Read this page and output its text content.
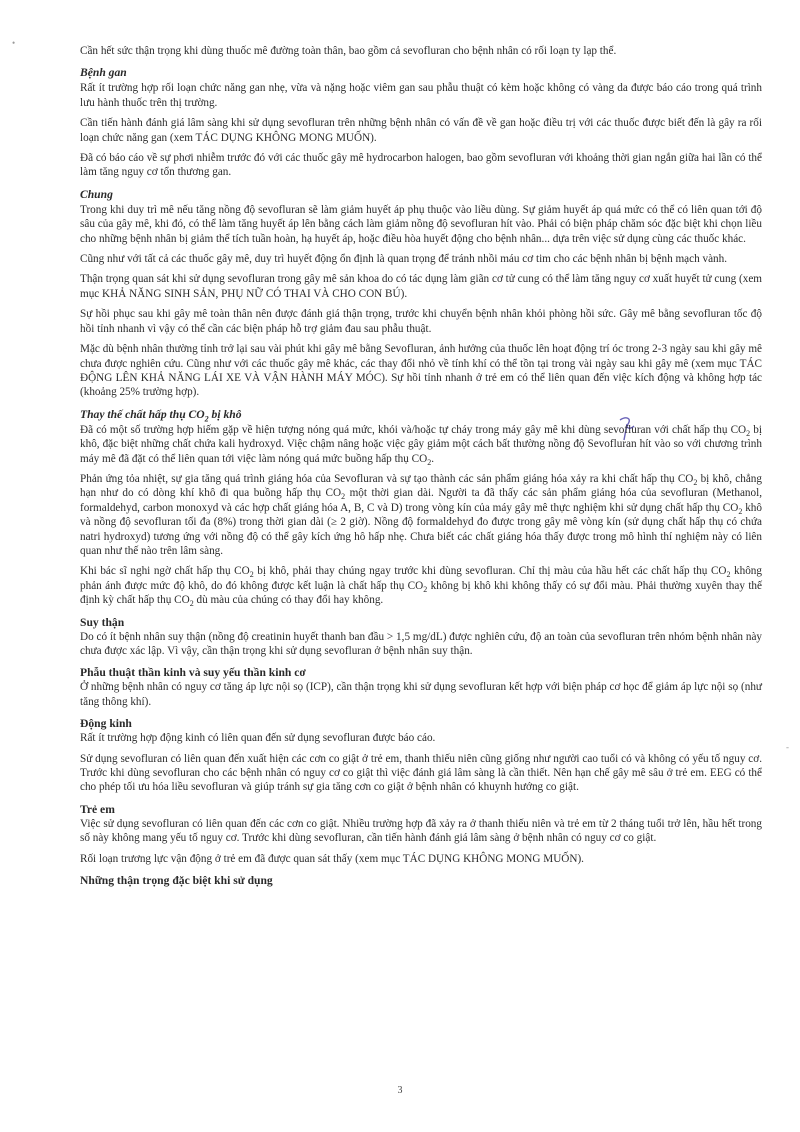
•
‐

Cần hết sức thận trọng khi dùng thuốc mê đường toàn thân, bao gồm cả sevofluran cho bệnh nhân có rối loạn ty lạp thể.

Bệnh gan

Rất ít trường hợp rối loạn chức năng gan nhẹ, vừa và nặng hoặc viêm gan sau phẫu thuật có kèm hoặc không có vàng da được báo cáo trong quá trình lưu hành thuốc trên thị trường.

Cần tiến hành đánh giá lâm sàng khi sử dụng sevofluran trên những bệnh nhân có vấn đề về gan hoặc điều trị với các thuốc được biết đến là gây ra rối loạn chức năng gan (xem TÁC DỤNG KHÔNG MONG MUỐN).

Đã có báo cáo về sự phơi nhiễm trước đó với các thuốc gây mê hydrocarbon halogen, bao gồm sevofluran với khoảng thời gian ngắn giữa hai lần có thể làm tăng nguy cơ tổn thương gan.

Chung

Trong khi duy trì mê nếu tăng nồng độ sevofluran sẽ làm giảm huyết áp phụ thuộc vào liều dùng. Sự giảm huyết áp quá mức có thể có liên quan tới độ sâu của gây mê, khi đó, có thể làm tăng huyết áp lên bằng cách làm giảm nồng độ sevofluran hít vào. Phải có biện pháp chăm sóc đặc biệt khi chọn liều cho những bệnh nhân bị giảm thể tích tuần hoàn, hạ huyết áp, hoặc điều hòa huyết động cho bệnh nhân... dựa trên việc sử dụng cùng các thuốc khác.

Cũng như với tất cả các thuốc gây mê, duy trì huyết động ổn định là quan trọng để tránh nhồi máu cơ tim cho các bệnh nhân bị bệnh mạch vành.

Thận trọng quan sát khi sử dụng sevofluran trong gây mê sản khoa do có tác dụng làm giãn cơ tử cung có thể làm tăng nguy cơ xuất huyết tử cung (xem mục KHẢ NĂNG SINH SẢN, PHỤ NỮ CÓ THAI VÀ CHO CON BÚ).

Sự hồi phục sau khi gây mê toàn thân nên được đánh giá thận trọng, trước khi chuyển bệnh nhân khỏi phòng hồi sức. Gây mê bằng sevofluran tốc độ hồi tỉnh nhanh vì vậy có thể cần các biện pháp hỗ trợ giảm đau sau phẫu thuật.

Mặc dù bệnh nhân thường tỉnh trở lại sau vài phút khi gây mê bằng Sevofluran, ảnh hưởng của thuốc lên hoạt động trí óc trong 2-3 ngày sau khi gây mê chưa được nghiên cứu. Cũng như với các thuốc gây mê khác, các thay đổi nhỏ về tính khí có thể tồn tại trong vài ngày sau khi gây mê (xem mục TÁC ĐỘNG LÊN KHẢ NĂNG LÁI XE VÀ VẬN HÀNH MÁY MÓC). Sự hồi tỉnh nhanh ở trẻ em có thể liên quan đến việc kích động và không hợp tác (khoảng 25% trường hợp).

Thay thế chất hấp thụ $CO_2$ bị khô

Đã có một số trường hợp hiếm gặp về hiện tượng nóng quá mức, khói và/hoặc tự cháy trong máy gây mê khi dùng sevofluran với chất hấp thụ $CO_2$ bị khô, đặc biệt những chất chứa kali hydroxyd. Việc chậm nâng hoặc việc gây giảm một cách bất thường nồng độ Sevofluran hít vào so với chương trình máy mê đã đặt có thể liên quan tới việc làm nóng quá mức buồng hấp thụ $CO_2$.

Phản ứng tỏa nhiệt, sự gia tăng quá trình giáng hóa của Sevofluran và sự tạo thành các sản phẩm giáng hóa xảy ra khi chất hấp thụ $CO_2$ bị khô, chẳng hạn như do có dòng khí khô đi qua buồng hấp thụ $CO_2$ một thời gian dài. Người ta đã thấy các sản phẩm giáng hóa của sevofluran (Methanol, formaldehyd, carbon monoxyd và các hợp chất giáng hóa A, B, C và D) trong vòng kín của máy gây mê thực nghiệm khi sử dụng chất hấp thụ $CO_2$ khô và nồng độ sevofluran tối đa (8%) trong thời gian dài (≥ 2 giờ). Nồng độ formaldehyd đo được trong gây mê vòng kín (sử dụng chất hấp thụ có chứa natri hydroxyd) tương ứng với nồng độ có thể gây kích ứng hô hấp nhẹ. Chưa biết các chất giáng hóa thấy được trong mô hình thí nghiệm này có liên quan như thế nào trên lâm sàng.

Khi bác sĩ nghi ngờ chất hấp thụ $CO_2$ bị khô, phải thay chúng ngay trước khi dùng sevofluran. Chỉ thị màu của hầu hết các chất hấp thụ $CO_2$ không phản ánh được mức độ khô, do đó không được kết luận là chất hấp thụ $CO_2$ không bị khô khi không thấy có sự đổi màu. Phải thường xuyên thay thế định kỳ chất hấp thụ $CO_2$ dù màu của chúng có thay đổi hay không.

Suy thận

Do có ít bệnh nhân suy thận (nồng độ creatinin huyết thanh ban đầu > 1,5 mg/dL) được nghiên cứu, độ an toàn của sevofluran trên nhóm bệnh nhân này chưa được xác lập. Vì vậy, cần thận trọng khi sử dụng sevofluran ở bệnh nhân suy thận.

Phẫu thuật thần kinh và suy yếu thần kinh cơ

Ở những bệnh nhân có nguy cơ tăng áp lực nội sọ (ICP), cần thận trọng khi sử dụng sevofluran kết hợp với biện pháp cơ học để giảm áp lực nội sọ (như tăng thông khí).

Động kinh

Rất ít trường hợp động kinh có liên quan đến sử dụng sevofluran được báo cáo.

Sử dụng sevofluran có liên quan đến xuất hiện các cơn co giật ở trẻ em, thanh thiếu niên cũng giống như người cao tuổi có và không có yếu tố nguy cơ. Trước khi dùng sevofluran cho các bệnh nhân có nguy cơ co giật thì việc đánh giá lâm sàng là cần thiết. Nên hạn chế gây mê sâu ở trẻ em. EEG có thể cho phép tối ưu hóa liều sevofluran và giúp tránh sự gia tăng cơn co giật ở bệnh nhân có khuynh hướng co giật.

Trẻ em

Việc sử dụng sevofluran có liên quan đến các cơn co giật. Nhiều trường hợp đã xảy ra ở thanh thiếu niên và trẻ em từ 2 tháng tuổi trở lên, hầu hết trong số này không mang yếu tố nguy cơ. Trước khi dùng sevofluran, cần tiến hành đánh giá lâm sàng ở bệnh nhân có nguy cơ co giật.

Rối loạn trương lực vận động ở trẻ em đã được quan sát thấy (xem mục TÁC DỤNG KHÔNG MONG MUỐN).

Những thận trọng đặc biệt khi sử dụng
3
